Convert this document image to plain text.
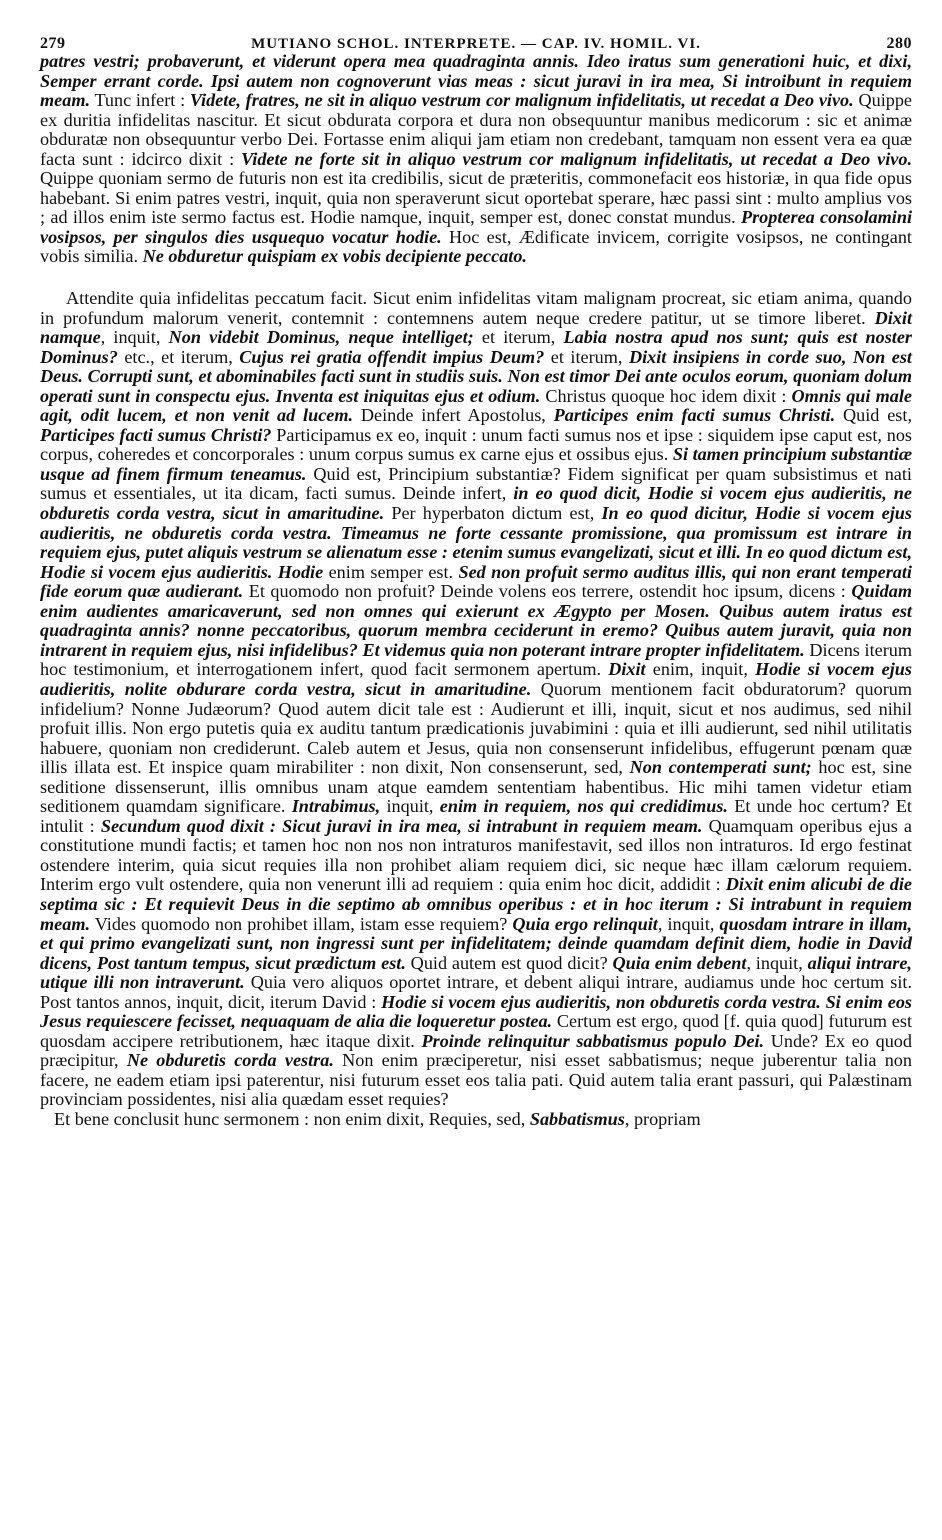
279	MUTIANO SCHOL. INTERPRETE. — CAP. IV. HOMIL. VI.	280

patres vestri; probaverunt, et viderunt opera mea quadraginta annis. Ideo iratus sum generationi huic, et dixi, Semper errant corde. Ipsi autem non cognoverunt vias meas : sicut juravi in ira mea, Si introibunt in requiem meam. Tunc infert : Videte, fratres, ne sit in aliquo vestrum cor malignum infidelitatis, ut recedat a Deo vivo. Quippe ex duritia infidelitas nascitur. Et sicut obdurata corpora et dura non obsequuntur manibus medicorum : sic et animæ obduratæ non obsequuntur verbo Dei. Fortasse enim aliqui jam etiam non credebant, tamquam non essent vera ea quæ facta sunt : idcirco dixit : Videte ne forte sit in aliquo vestrum cor malignum infidelitatis, ut recedat a Deo vivo. Quippe quoniam sermo de futuris non est ita credibilis, sicut de præteritis, commonefacit eos historiæ, in qua fide opus habebant. Si enim patres vestri, inquit, quia non speraverunt sicut oportebat sperare, hæc passi sint : multo amplius vos ; ad illos enim iste sermo factus est. Hodie namque, inquit, semper est, donec constat mundus. Propterea consolamini vosipsos, per singulos dies usquequo vocatur hodie. Hoc est, Ædificate invicem, corrigite vosipsos, ne contingant vobis similia. Ne obduretur quispiam ex vobis decipiente peccato.

Attendite quia infidelitas peccatum facit. Sicut enim infidelitas vitam malignam procreat, sic etiam anima, quando in profundum malorum venerit, contemnit : contemnens autem neque credere patitur, ut se timore liberet. Dixit namque, inquit, Non videbit Dominus, neque intelliget; et iterum, Labia nostra apud nos sunt; quis est noster Dominus? etc., et iterum, Cujus rei gratia offendit impius Deum? et iterum, Dixit insipiens in corde suo, Non est Deus. Corrupti sunt, et abominabiles facti sunt in studiis suis. Non est timor Dei ante oculos eorum, quoniam dolum operati sunt in conspectu ejus. Inventa est iniquitas ejus et odium. Christus quoque hoc idem dixit : Omnis qui male agit, odit lucem, et non venit ad lucem. Deinde infert Apostolus, Participes enim facti sumus Christi. Quid est, Participes facti sumus Christi? Participamus ex eo, inquit : unum facti sumus nos et ipse : siquidem ipse caput est, nos corpus, coheredes et concorporales : unum corpus sumus ex carne ejus et ossibus ejus. Si tamen principium substantiæ usque ad finem firmum teneamus. Quid est, Principium substantiæ? Fidem significat per quam subsistimus et nati sumus et essentiales, ut ita dicam, facti sumus. Deinde infert, in eo quod dicit, Hodie si vocem ejus audieritis, ne obduretis corda vestra, sicut in amaritudine. Per hyperbaton dictum est, In eo quod dicitur, Hodie si vocem ejus audieritis, ne obduretis corda vestra. Timeamus ne forte cessante promissione, qua promissum est intrare in requiem ejus, putet aliquis vestrum se alienatum esse : etenim sumus evangelizati, sicut et illi. In eo quod dictum est, Hodie si vocem ejus audieritis. Hodie enim semper est. Sed non profuit sermo auditus illis, qui non erant temperati fide eorum quæ audierant. Et quomodo non profuit? Deinde volens eos terrere, ostendit hoc ipsum, dicens : Quidam enim audientes amaricaverunt, sed non omnes qui exierunt ex Ægypto per Mosen. Quibus autem iratus est quadraginta annis? nonne peccatoribus, quorum membra ceciderunt in eremo? Quibus autem juravit, quia non intrarent in requiem ejus, nisi infidelibus? Et videmus quia non poterant intrare propter infidelitatem. Dicens iterum hoc testimonium, et interrogationem infert, quod facit sermonem apertum. Dixit enim, inquit, Hodie si vocem ejus audieritis, nolite obdurare corda vestra, sicut in amaritudine. Quorum mentionem facit obduratorum? quorum infidelium? Nonne Judæorum? Quod autem dicit tale est : Audierunt et illi, inquit, sicut et nos audimus, sed nihil profuit illis. Non ergo putetis quia ex auditu tantum prædicationis juvabimini : quia et illi audierunt, sed nihil utilitatis habuere, quoniam non crediderunt. Caleb autem et Jesus, quia non consenserunt infidelibus, effugerunt pœnam quæ illis illata est. Et inspice quam mirabiliter : non dixit, Non consenserunt, sed, Non contemperati sunt; hoc est, sine seditione dissenserunt, illis omnibus unam atque eamdem sententiam habentibus. Hic mihi tamen videtur etiam seditionem quamdam significare. Intrabimus, inquit, enim in requiem, nos qui credidimus. Et unde hoc certum? Et intulit : Secundum quod dixit : Sicut juravi in ira mea, si intrabunt in requiem meam. Quamquam operibus ejus a constitutione mundi factis; et tamen hoc non nos non intraturos manifestavit, sed illos non intraturos. Id ergo festinat ostendere interim, quia sicut requies illa non prohibet aliam requiem dici, sic neque hæc illam cælorum requiem. Interim ergo vult ostendere, quia non venerunt illi ad requiem : quia enim hoc dicit, addidit : Dixit enim alicubi de die septima sic : Et requievit Deus in die septimo ab omnibus operibus : et in hoc iterum : Si intrabunt in requiem meam. Vides quomodo non prohibet illam, istam esse requiem? Quia ergo relinquit, inquit, quosdam intrare in illam, et qui primo evangelizati sunt, non ingressi sunt per infidelitatem; deinde quamdam definit diem, hodie in David dicens, Post tantum tempus, sicut prædictum est. Quid autem est quod dicit? Quia enim debent, inquit, aliqui intrare, utique illi non intraverunt. Quia vero aliquos oportet intrare, et debent aliqui intrare, audiamus unde hoc certum sit. Post tantos annos, inquit, dicit, iterum David : Hodie si vocem ejus audieritis, non obduretis corda vestra. Si enim eos Jesus requiescere fecisset, nequaquam de alia die loqueretur postea. Certum est ergo, quod [f. quia quod] futurum est quosdam accipere retributionem, hæc itaque dixit. Proinde relinquitur sabbatismus populo Dei. Unde? Ex eo quod præcipitur, Ne obduretis corda vestra. Non enim præciperetur, nisi esset sabbatismus; neque juberentur talia non facere, ne eadem etiam ipsi paterentur, nisi futurum esset eos talia pati. Quid autem talia erant passuri, qui Palæstinam provinciam possidentes, nisi alia quædam esset requies?

Et bene conclusit hunc sermonem : non enim dixit, Requies, sed, Sabbatismus, propriam
